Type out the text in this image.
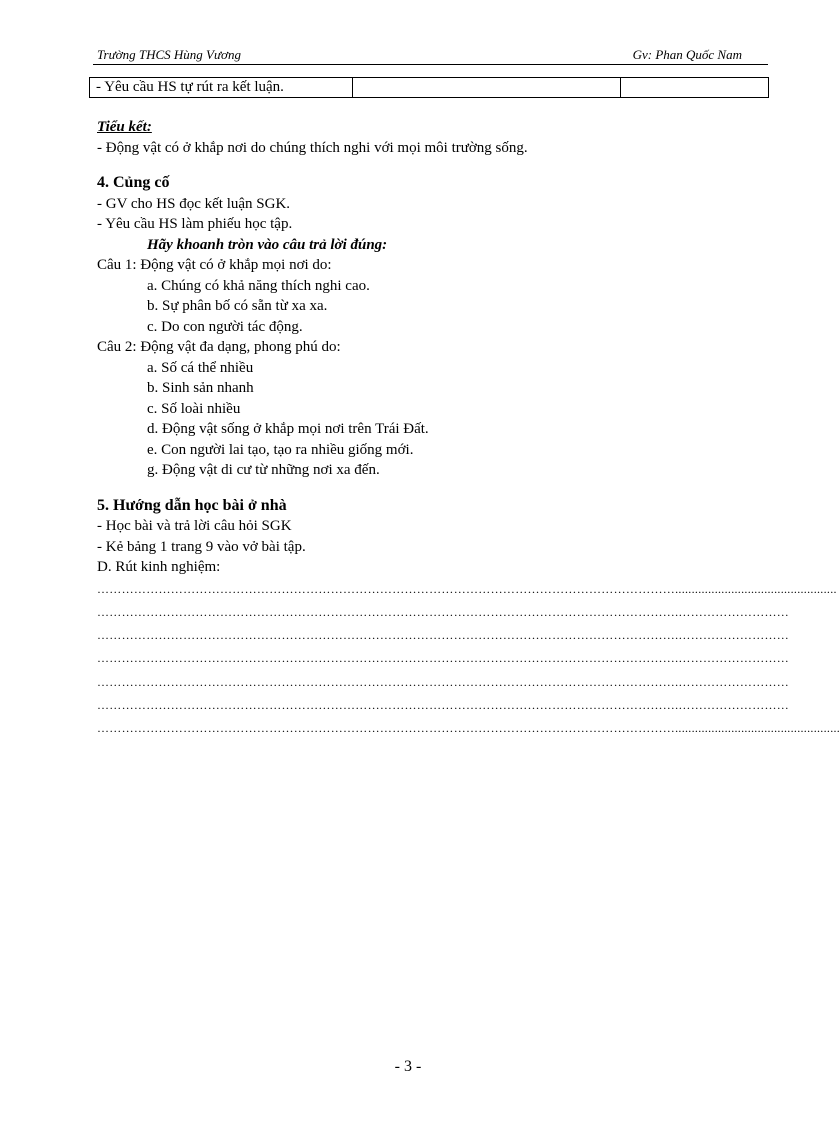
Trường THCS Hùng Vương	Gv: Phan Quốc Nam
- Yêu cầu HS tự rút ra kết luận.		
Tiểu kết:
- Động vật có ở khắp nơi do chúng thích nghi với mọi môi trường sống.
4. Củng cố
- GV cho HS đọc kết luận SGK.
- Yêu cầu HS làm phiếu học tập.
Hãy khoanh tròn vào câu trả lời đúng:
Câu 1: Động vật có ở khắp mọi nơi do:
a. Chúng có khả năng thích nghi cao.
b. Sự phân bố có sẵn từ xa xa.
c. Do con người tác động.
Câu 2: Động vật đa dạng, phong phú do:
a. Số cá thể nhiều
b. Sinh sản nhanh
c. Số loài nhiều
d. Động vật sống ở khắp mọi nơi trên Trái Đất.
e. Con người lai tạo, tạo ra nhiều giống mới.
g. Động vật di cư từ những nơi xa đến.
5. Hướng dẫn học bài ở nhà
- Học bài và trả lời câu hỏi SGK
- Kẻ bảng 1 trang 9 vào vở bài tập.
D. Rút kinh nghiệm:
…………………………………………………………………………………………………………………………….................................................
…………………………………………………………………………………………………………………………….………………………
…………………………………………………………………………………………………………………………….………………………
…………………………………………………………………………………………………………………………….………………………
…………………………………………………………………………………………………………………………….………………………
…………………………………………………………………………………………………………………………….………………………
……………………………………………………………………………………………………………………………..................................................
- 3 -
